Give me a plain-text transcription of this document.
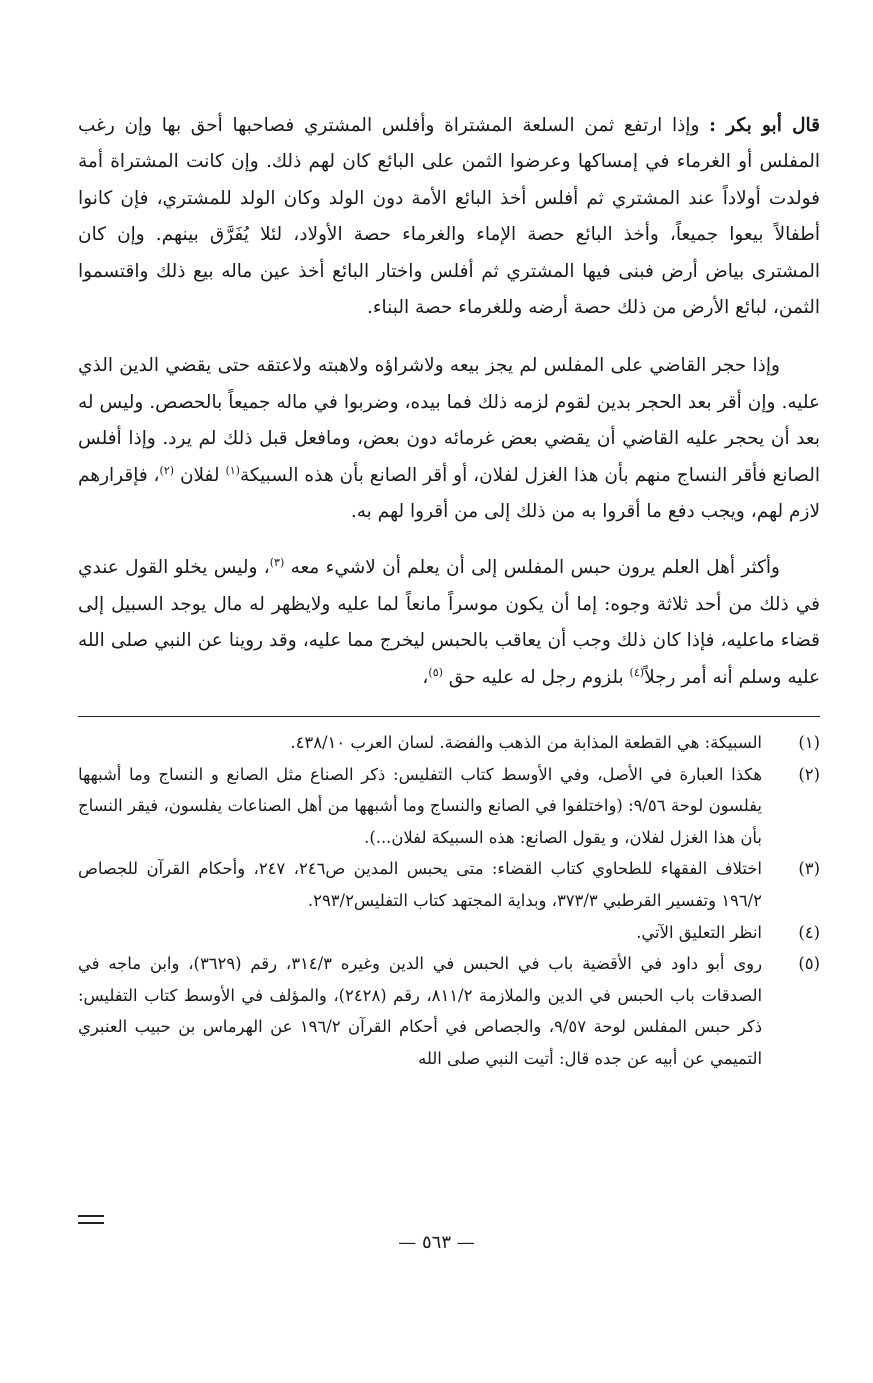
قال أبو بكر : وإذا ارتفع ثمن السلعة المشتراة وأفلس المشتري فصاحبها أحق بها وإن رغب المفلس أو الغرماء في إمساكها وعرضوا الثمن على البائع كان لهم ذلك. وإن كانت المشتراة أمة فولدت أولاداً عند المشتري ثم أفلس أخذ البائع الأمة دون الولد وكان الولد للمشتري، فإن كانوا أطفالاً بيعوا جميعاً، وأخذ البائع حصة الإماء والغرماء حصة الأولاد، لئلا يُفَرَّق بينهم. وإن كان المشترى بياض أرض فبنى فيها المشتري ثم أفلس واختار البائع أخذ عين ماله بيع ذلك واقتسموا الثمن، لبائع الأرض من ذلك حصة أرضه وللغرماء حصة البناء.

وإذا حجر القاضي على المفلس لم يجز بيعه ولاشراؤه ولاهبته ولاعتقه حتى يقضي الدين الذي عليه. وإن أقر بعد الحجر بدين لقوم لزمه ذلك فما بيده، وضربوا في ماله جميعاً بالحصص. وليس له بعد أن يحجر عليه القاضي أن يقضي بعض غرمائه دون بعض، ومافعل قبل ذلك لم يرد. وإذا أفلس الصانع فأقر النساج منهم بأن هذا الغزل لفلان، أو أقر الصانع بأن هذه السبيكة$^{(١)}$ لفلان $^{(٢)}$، فإقرارهم لازم لهم، ويجب دفع ما أقروا به من ذلك إلى من أقروا لهم به.

وأكثر أهل العلم يرون حبس المفلس إلى أن يعلم أن لاشيء معه $^{(٣)}$، وليس يخلو القول عندي في ذلك من أحد ثلاثة وجوه: إما أن يكون موسراً مانعاً لما عليه ولايظهر له مال يوجد السبيل إلى قضاء ماعليه، فإذا كان ذلك وجب أن يعاقب بالحبس ليخرج مما عليه، وقد روينا عن النبي صلى الله عليه وسلم أنه أمر رجلاً$^{(٤)}$ بلزوم رجل له عليه حق $^{(٥)}$،

(١)
السبيكة: هي القطعة المذابة من الذهب والفضة. لسان العرب ٤٣٨/١٠.
(٢)
هكذا العبارة في الأصل، وفي الأوسط كتاب التفليس: ذكر الصناع مثل الصانع و النساج وما أشبهها يفلسون لوحة ٩/٥٦: (واختلفوا في الصانع والنساج وما أشبهها من أهل الصناعات يفلسون، فيقر النساج بأن هذا الغزل لفلان، و يقول الصانع: هذه السبيكة لفلان...).
(٣)
اختلاف الفقهاء للطحاوي كتاب القضاء: متى يحبس المدين ص٢٤٦، ٢٤٧، وأحكام القرآن للجصاص ١٩٦/٢ وتفسير القرطبي ٣٧٣/٣، وبداية المجتهد كتاب التفليس٢٩٣/٢.
(٤)
انظر التعليق الآتي.
(٥)
روى أبو داود في الأقضية باب في الحبس في الدين وغيره ٣١٤/٣، رقم (٣٦٢٩)، وابن ماجه في الصدقات باب الحبس في الدين والملازمة ٨١١/٢، رقم (٢٤٢٨)، والمؤلف في الأوسط كتاب التفليس: ذكر حبس المفلس لوحة ٩/٥٧، والجصاص في أحكام القرآن ١٩٦/٢ عن الهرماس بن حبيب العنبري التميمي عن أبيه عن جده قال: أتيت النبي صلى الله
— ٥٦٣ —
